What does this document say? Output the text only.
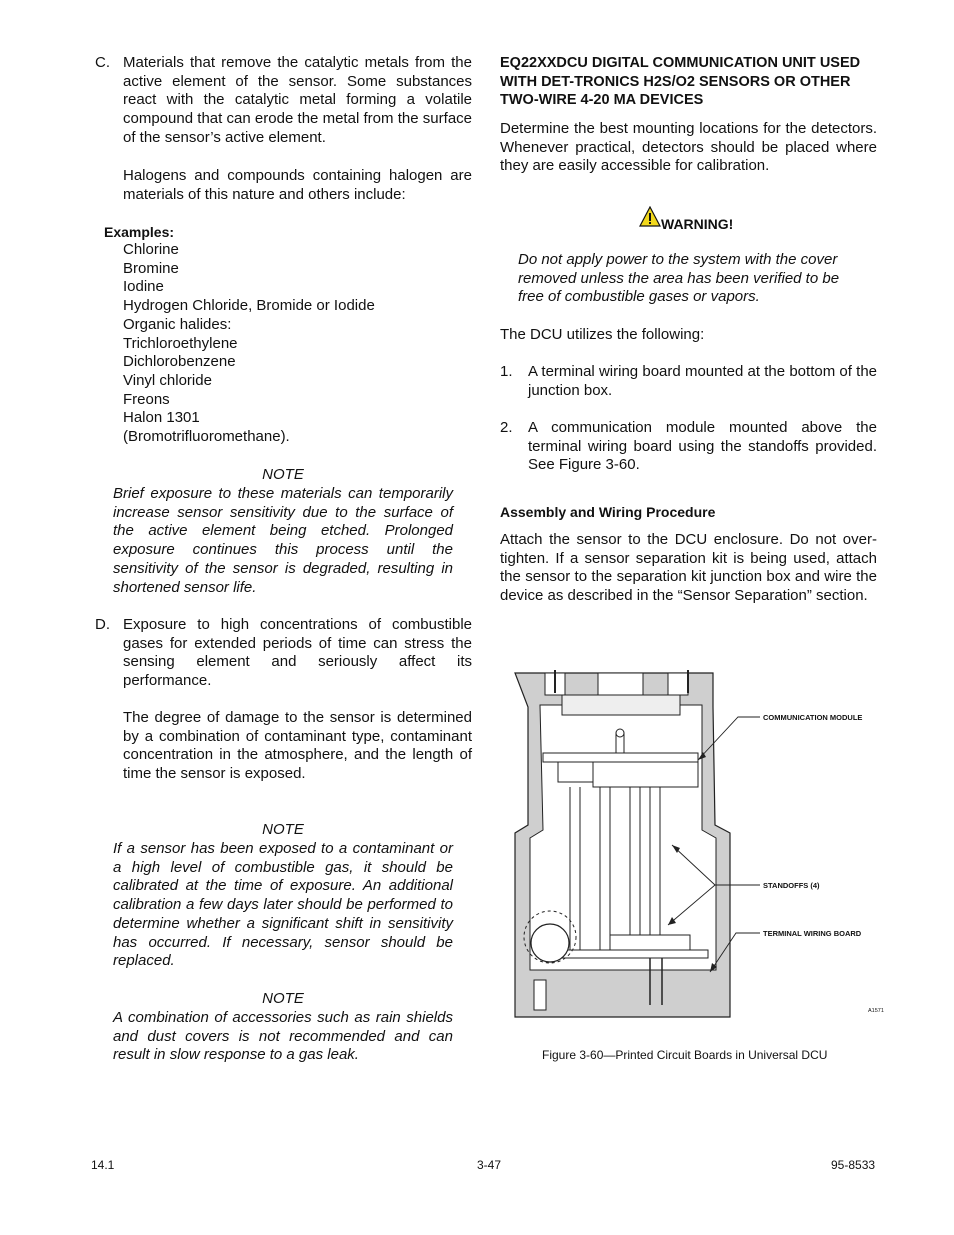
C. Materials that remove the catalytic metals from the active element of the sensor. Some substances react with the catalytic metal forming a volatile compound that can erode the metal from the surface of the sensor’s active element.

Halogens and compounds containing halogen are materials of this nature and others include:

Examples:

Chlorine
Bromine
Iodine
Hydrogen Chloride, Bromide or Iodide
Organic halides:
Trichloroethylene
Dichlorobenzene
Vinyl chloride
Freons
Halon 1301
(Bromotrifluoromethane).

NOTE

Brief exposure to these materials can temporarily increase sensor sensitivity due to the surface of the active element being etched. Prolonged exposure continues this process until the sensitivity of the sensor is degraded, resulting in shortened sensor life.

D. Exposure to high concentrations of combustible gases for extended periods of time can stress the sensing element and seriously affect its performance.

The degree of damage to the sensor is determined by a combination of contaminant type, contaminant concentration in the atmosphere, and the length of time the sensor is exposed.

NOTE

If a sensor has been exposed to a contaminant or a high level of combustible gas, it should be calibrated at the time of exposure. An additional calibration a few days later should be performed to determine whether a significant shift in sensitivity has occurred. If necessary, sensor should be replaced.

NOTE

A combination of accessories such as rain shields and dust covers is not recommended and can result in slow response to a gas leak.

EQ22XXDCU DIGITAL COMMUNICATION UNIT USED WITH DET-TRONICS H2S/O2 SENSORS OR OTHER TWO-WIRE 4-20 MA DEVICES

Determine the best mounting locations for the detectors. Whenever practical, detectors should be placed where they are easily accessible for calibration.

WARNING!

Do not apply power to the system with the cover removed unless the area has been verified to be free of combustible gases or vapors.

The DCU utilizes the following:

1. A terminal wiring board mounted at the bottom of the junction box.

2. A communication module mounted above the terminal wiring board using the standoffs provided. See Figure 3-60.

Assembly and Wiring Procedure

Attach the sensor to the DCU enclosure. Do not over-tighten. If a sensor separation kit is being used, attach the sensor to the separation kit junction box and wire the device as described in the “Sensor Separation” section.

COMMUNICATION MODULE
STANDOFFS (4)
TERMINAL WIRING BOARD
A1571

Figure 3-60—Printed Circuit Boards in Universal DCU

14.1	3-47	95-8533
